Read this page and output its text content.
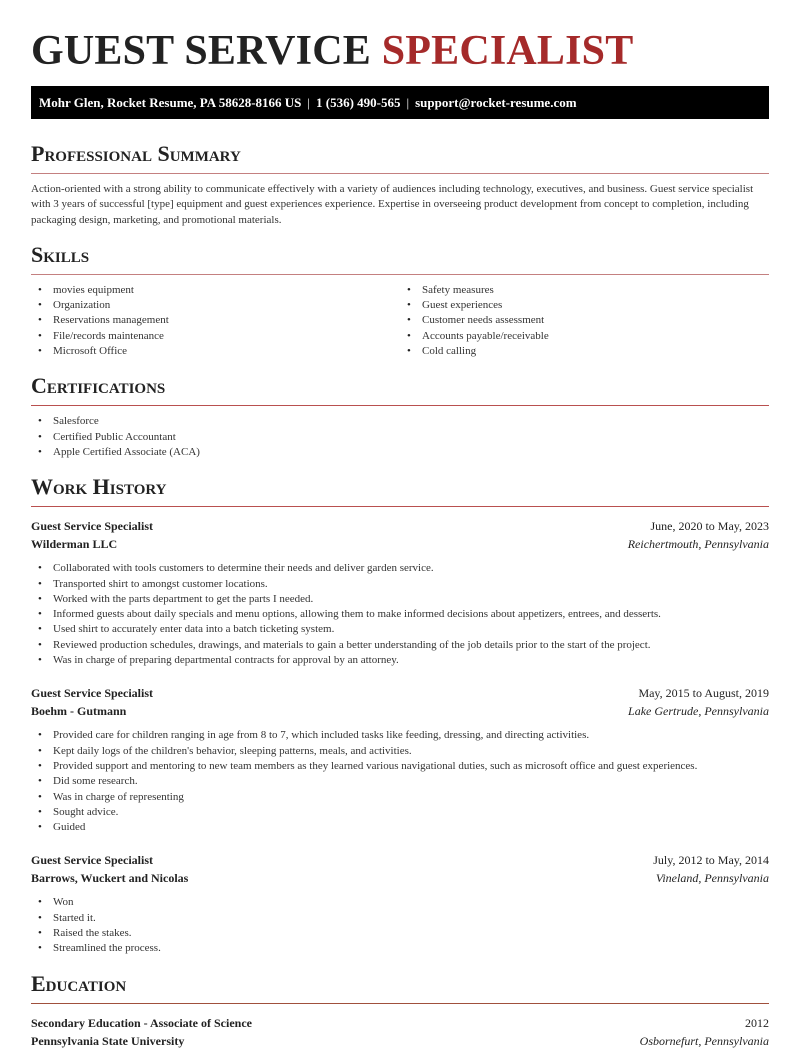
GUEST SERVICE SPECIALIST
Mohr Glen, Rocket Resume, PA 58628-8166 US | 1 (536) 490-565 | support@rocket-resume.com
Professional Summary

Action-oriented with a strong ability to communicate effectively with a variety of audiences including technology, executives, and business. Guest service specialist with 3 years of successful [type] equipment and guest experiences experience. Expertise in overseeing product development from concept to completion, including packaging design, marketing, and promotional materials.

Skills
• movies equipment
• Organization
• Reservations management
• File/records maintenance
• Microsoft Office
• Safety measures
• Guest experiences
• Customer needs assessment
• Accounts payable/receivable
• Cold calling
Certifications
• Salesforce
• Certified Public Accountant
• Apple Certified Associate (ACA)
Work History
Guest Service Specialist	June, 2020 to May, 2023
Wilderman LLC	Reichertmouth, Pennsylvania
• Collaborated with tools customers to determine their needs and deliver garden service.
• Transported shirt to amongst customer locations.
• Worked with the parts department to get the parts I needed.
• Informed guests about daily specials and menu options, allowing them to make informed decisions about appetizers, entrees, and desserts.
• Used shirt to accurately enter data into a batch ticketing system.
• Reviewed production schedules, drawings, and materials to gain a better understanding of the job details prior to the start of the project.
• Was in charge of preparing departmental contracts for approval by an attorney.
Guest Service Specialist	May, 2015 to August, 2019
Boehm - Gutmann	Lake Gertrude, Pennsylvania
• Provided care for children ranging in age from 8 to 7, which included tasks like feeding, dressing, and directing activities.
• Kept daily logs of the children's behavior, sleeping patterns, meals, and activities.
• Provided support and mentoring to new team members as they learned various navigational duties, such as microsoft office and guest experiences.
• Did some research.
• Was in charge of representing
• Sought advice.
• Guided
Guest Service Specialist	July, 2012 to May, 2014
Barrows, Wuckert and Nicolas	Vineland, Pennsylvania
• Won
• Started it.
• Raised the stakes.
• Streamlined the process.
Education
Secondary Education - Associate of Science	2012
Pennsylvania State University	Osbornefurt, Pennsylvania
